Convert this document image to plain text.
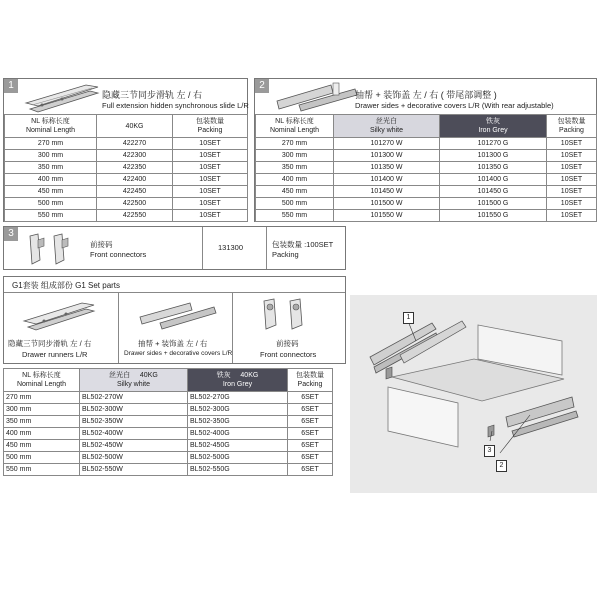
1
隐藏三节同步滑轨 左 / 右
Full extension hidden synchronous slide L/R
NL 标称长度
Nominal Length	40KG	包装数量
Packing
270 mm	422270	10SET
300 mm	422300	10SET
350 mm	422350	10SET
400 mm	422400	10SET
450 mm	422450	10SET
500 mm	422500	10SET
550 mm	422550	10SET
2
抽帮 + 装饰盖 左 / 右 ( 带尾部调整 )
Drawer sides + decorative covers L/R (With rear adjustable)
NL 标称长度
Nominal Length	丝光白
Silky white	铁灰
Iron Grey	包装数量
Packing
270 mm	101270 W	101270 G	10SET
300 mm	101300 W	101300 G	10SET
350 mm	101350 W	101350 G	10SET
400 mm	101400 W	101400 G	10SET
450 mm	101450 W	101450 G	10SET
500 mm	101500 W	101500 G	10SET
550 mm	101550 W	101550 G	10SET
3
前接码
Front connectors
131300	包装数量 :100SET
Packing
G1套装 组成部份 G1 Set parts
隐藏三节同步滑轨 左 / 右
Drawer runners L/R
抽帮 + 装饰盖 左 / 右
Drawer sides + decorative covers L/R
前接码
Front connectors
NL 标称长度
Nominal Length	丝光白 40KG
Silky white	铁灰 40KG
Iron Grey	包装数量
Packing
270 mm	BL502-270W	BL502-270G	6SET
300 mm	BL502-300W	BL502-300G	6SET
350 mm	BL502-350W	BL502-350G	6SET
400 mm	BL502-400W	BL502-400G	6SET
450 mm	BL502-450W	BL502-450G	6SET
500 mm	BL502-500W	BL502-500G	6SET
550 mm	BL502-550W	BL502-550G	6SET
1
3
2
